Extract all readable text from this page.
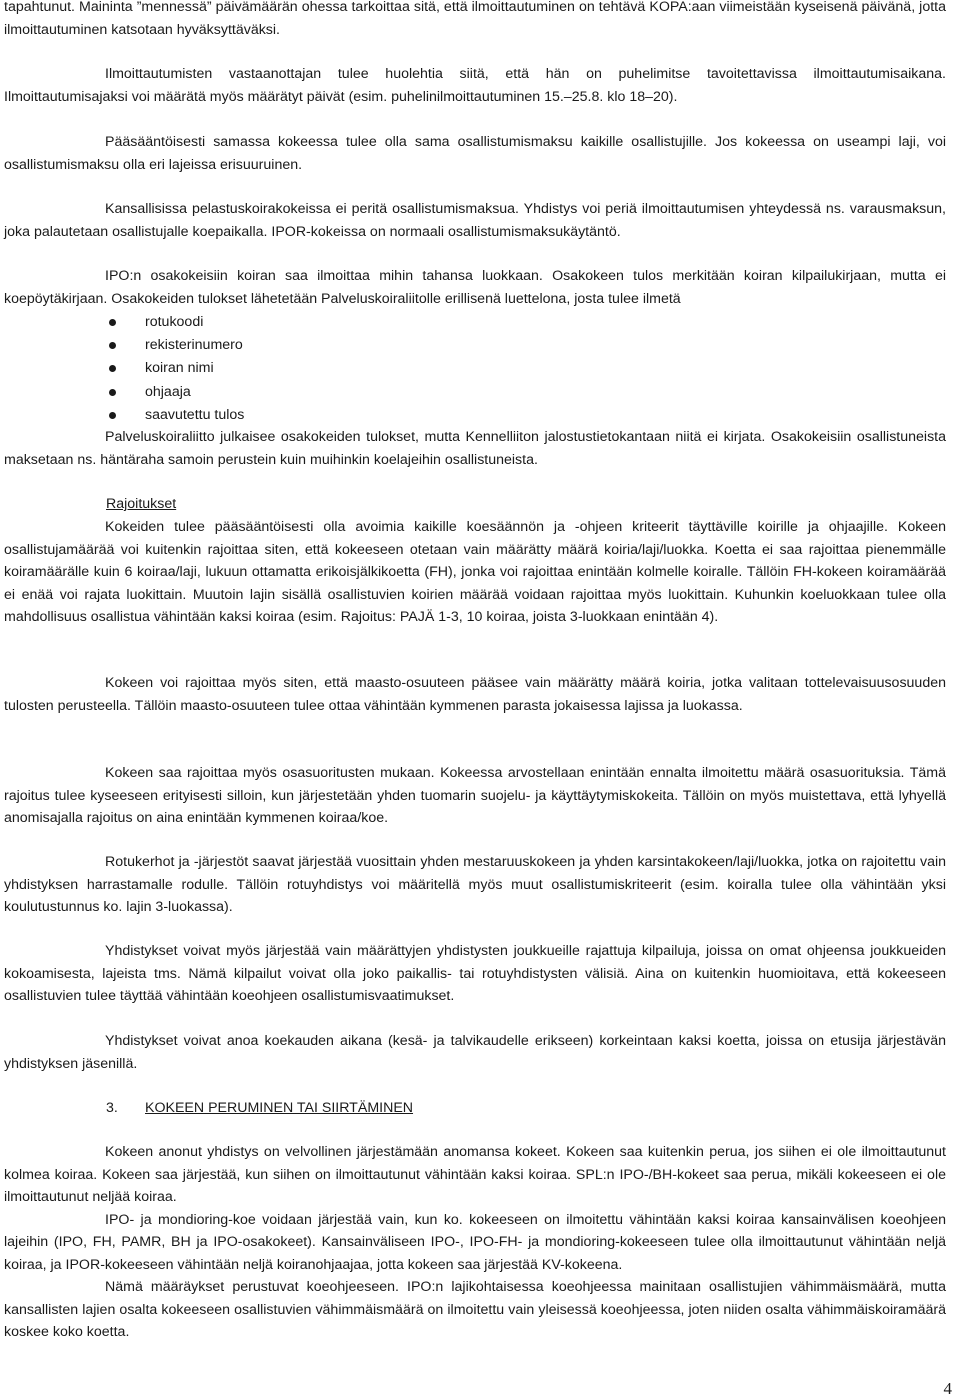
tapahtunut. Maininta ”mennessä” päivämäärän ohessa tarkoittaa sitä, että ilmoittautuminen on tehtävä KOPA:aan viimeistään kyseisenä päivänä, jotta ilmoittautuminen katsotaan hyväksyttäväksi.

Ilmoittautumisten vastaanottajan tulee huolehtia siitä, että hän on puhelimitse tavoitettavissa ilmoittautumisaikana. Ilmoittautumisajaksi voi määrätä myös määrätyt päivät (esim. puhelinilmoittautuminen 15.–25.8. klo 18–20).

Pääsääntöisesti samassa kokeessa tulee olla sama osallistumismaksu kaikille osallistujille. Jos kokeessa on useampi laji, voi osallistumismaksu olla eri lajeissa erisuuruinen.

Kansallisissa pelastuskoirakokeissa ei peritä osallistumismaksua. Yhdistys voi periä ilmoittautumisen yhteydessä ns. varausmaksun, joka palautetaan osallistujalle koepaikalla. IPOR-kokeissa on normaali osallistumismaksukäytäntö.

IPO:n osakokeisiin koiran saa ilmoittaa mihin tahansa luokkaan. Osakokeen tulos merkitään koiran kilpailukirjaan, mutta ei koepöytäkirjaan. Osakokeiden tulokset lähetetään Palveluskoiraliitolle erillisenä luettelona, josta tulee ilmetä

rotukoodi
rekisterinumero
koiran nimi
ohjaaja
saavutettu tulos

Palveluskoiraliitto julkaisee osakokeiden tulokset, mutta Kennelliiton jalostustietokantaan niitä ei kirjata. Osakokeisiin osallistuneista maksetaan ns. häntäraha samoin perustein kuin muihinkin koelajeihin osallistuneista.

Rajoitukset

Kokeiden tulee pääsääntöisesti olla avoimia kaikille koesäännön ja -ohjeen kriteerit täyttäville koirille ja ohjaajille. Kokeen osallistujamäärää voi kuitenkin rajoittaa siten, että kokeeseen otetaan vain määrätty määrä koiria/laji/luokka. Koetta ei saa rajoittaa pienemmälle koiramäärälle kuin 6 koiraa/laji, lukuun ottamatta erikoisjälkikoetta (FH), jonka voi rajoittaa enintään kolmelle koiralle. Tällöin FH-kokeen koiramäärää ei enää voi rajata luokittain. Muutoin lajin sisällä osallistuvien koirien määrää voidaan rajoittaa myös luokittain. Kuhunkin koeluokkaan tulee olla mahdollisuus osallistua vähintään kaksi koiraa (esim. Rajoitus: PAJÄ 1-3, 10 koiraa, joista 3-luokkaan enintään 4).

Kokeen voi rajoittaa myös siten, että maasto-osuuteen pääsee vain määrätty määrä koiria, jotka valitaan tottelevaisuusosuuden tulosten perusteella. Tällöin maasto-osuuteen tulee ottaa vähintään kymmenen parasta jokaisessa lajissa ja luokassa.

Kokeen saa rajoittaa myös osasuoritusten mukaan. Kokeessa arvostellaan enintään ennalta ilmoitettu määrä osasuorituksia. Tämä rajoitus tulee kyseeseen erityisesti silloin, kun järjestetään yhden tuomarin suojelu- ja käyttäytymiskokeita. Tällöin on myös muistettava, että lyhyellä anomisajalla rajoitus on aina enintään kymmenen koiraa/koe.

Rotukerhot ja -järjestöt saavat järjestää vuosittain yhden mestaruuskokeen ja yhden karsintakokeen/laji/luokka, jotka on rajoitettu vain yhdistyksen harrastamalle rodulle. Tällöin rotuyhdistys voi määritellä myös muut osallistumiskriteerit (esim. koiralla tulee olla vähintään yksi koulutustunnus ko. lajin 3-luokassa).

Yhdistykset voivat myös järjestää vain määrättyjen yhdistysten joukkueille rajattuja kilpailuja, joissa on omat ohjeensa joukkueiden kokoamisesta, lajeista tms. Nämä kilpailut voivat olla joko paikallis- tai rotuyhdistysten välisiä. Aina on kuitenkin huomioitava, että kokeeseen osallistuvien tulee täyttää vähintään koeohjeen osallistumisvaatimukset.

Yhdistykset voivat anoa koekauden aikana (kesä- ja talvikaudelle erikseen) korkeintaan kaksi koetta, joissa on etusija järjestävän yhdistyksen jäsenillä.

3. KOKEEN PERUMINEN TAI SIIRTÄMINEN

Kokeen anonut yhdistys on velvollinen järjestämään anomansa kokeet. Kokeen saa kuitenkin perua, jos siihen ei ole ilmoittautunut kolmea koiraa. Kokeen saa järjestää, kun siihen on ilmoittautunut vähintään kaksi koiraa. SPL:n IPO-/BH-kokeet saa perua, mikäli kokeeseen ei ole ilmoittautunut neljää koiraa.
IPO- ja mondioring-koe voidaan järjestää vain, kun ko. kokeeseen on ilmoitettu vähintään kaksi koiraa kansainvälisen koeohjeen lajeihin (IPO, FH, PAMR, BH ja IPO-osakokeet). Kansainväliseen IPO-, IPO-FH- ja mondioring-kokeeseen tulee olla ilmoittautunut vähintään neljä koiraa, ja IPOR-kokeeseen vähintään neljä koiranohjaajaa, jotta kokeen saa järjestää KV-kokeena.
Nämä määräykset perustuvat koeohjeeseen. IPO:n lajikohtaisessa koeohjeessa mainitaan osallistujien vähimmäismäärä, mutta kansallisten lajien osalta kokeeseen osallistuvien vähimmäismäärä on ilmoitettu vain yleisessä koeohjeessa, joten niiden osalta vähimmäiskoiramäärä koskee koko koetta.
4
